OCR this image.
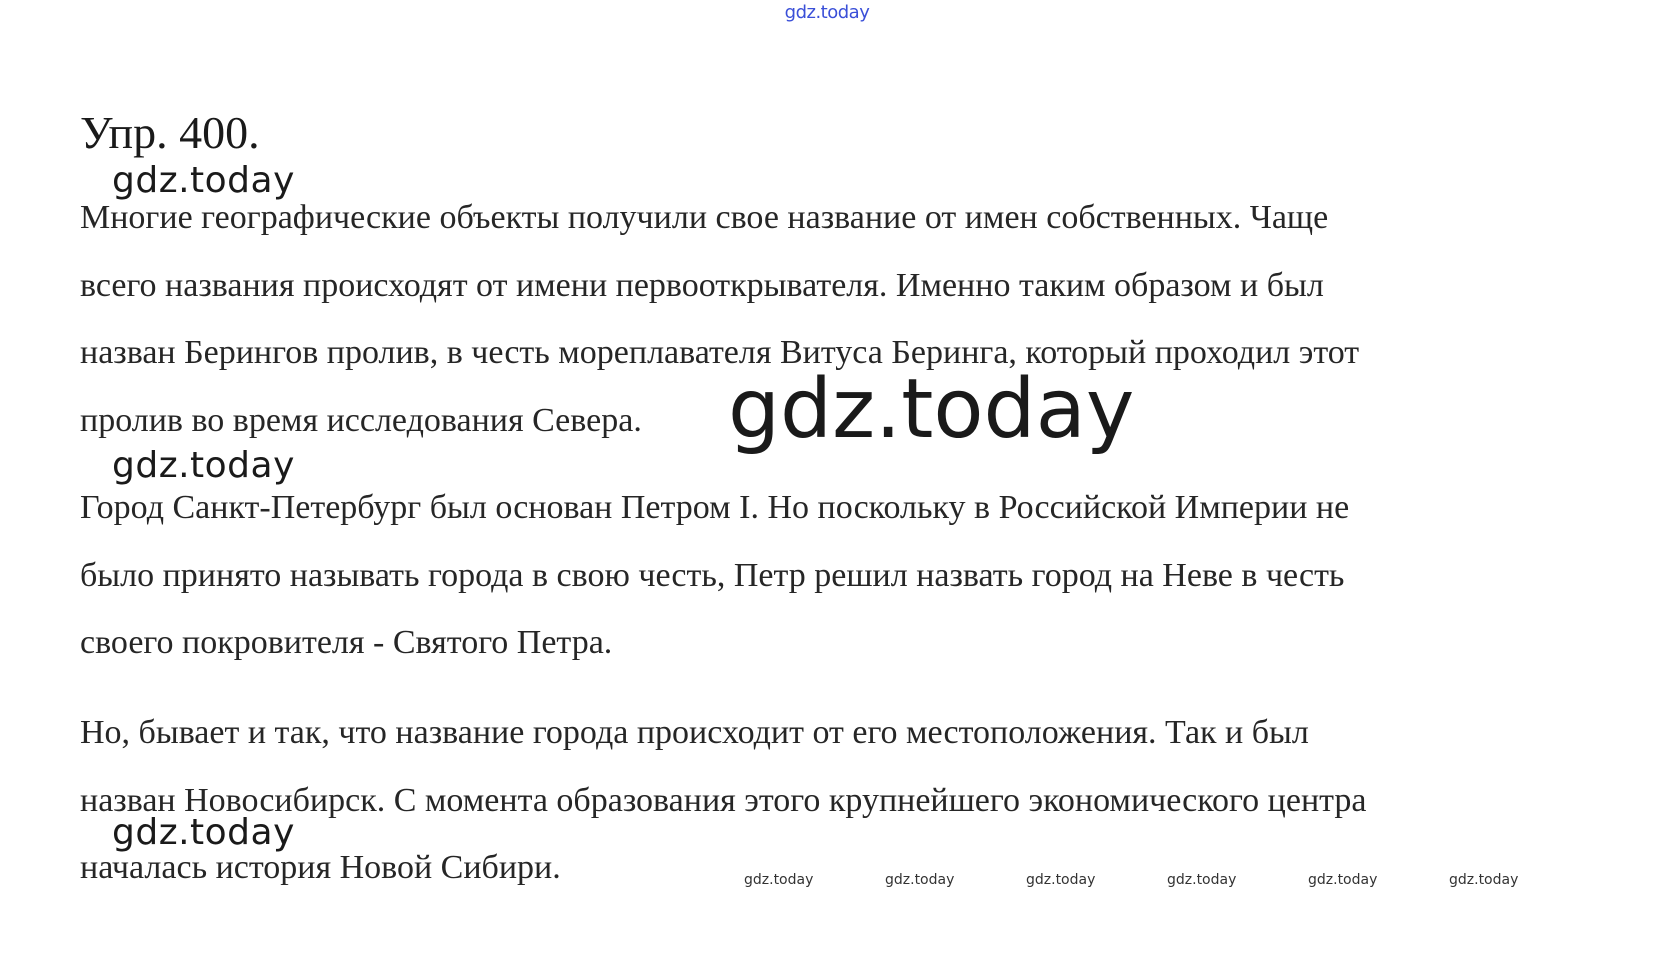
gdz.today
Упр. 400.
Многие географические объекты получили свое название от имен собственных. Чаще
всего названия происходят от имени первооткрывателя. Именно таким образом и был
назван Берингов пролив, в честь мореплавателя Витуса Беринга, который проходил этот
пролив во время исследования Севера.
Город Санкт-Петербург был основан Петром I. Но поскольку в Российской Империи не
было принято называть города в свою честь, Петр решил назвать город на Неве в честь
своего покровителя - Святого Петра.
Но, бывает и так, что название города происходит от его местоположения. Так и был
назван Новосибирск. С момента образования этого крупнейшего экономического центра
началась история Новой Сибири.
gdz.today
gdz.today
gdz.today
gdz.today
gdz.today	gdz.today	gdz.today	gdz.today	gdz.today	gdz.today
